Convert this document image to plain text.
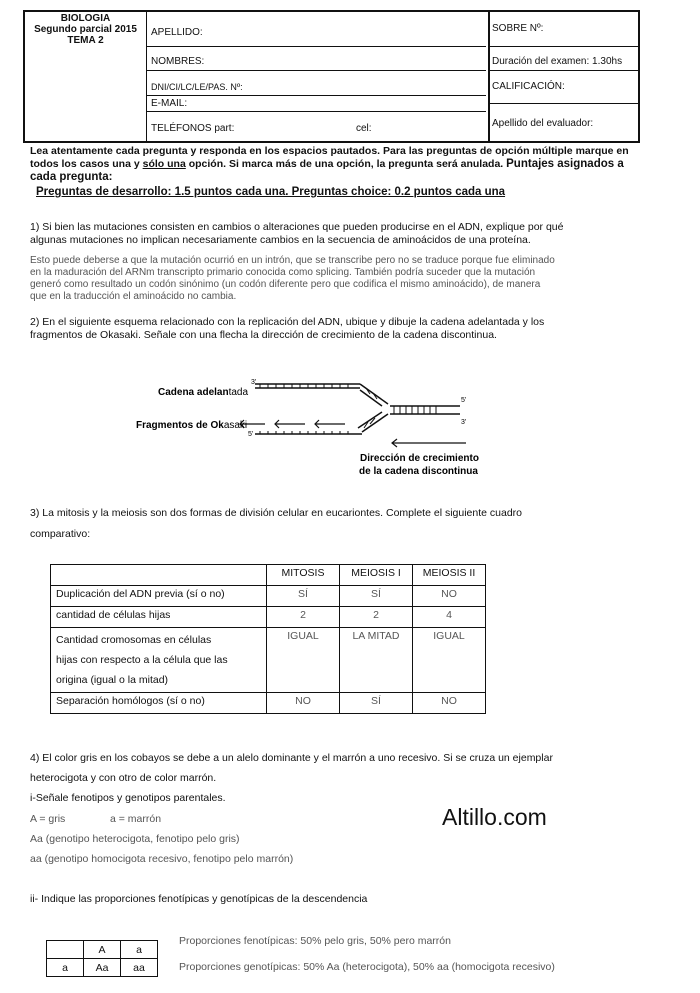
BIOLOGIA
Segundo parcial 2015
TEMA 2
APELLIDO:
NOMBRES:
DNI/CI/LC/LE/PAS. Nº:
E-MAIL:
TELÉFONOS part:	cel:
SOBRE Nº:
Duración del examen: 1.30hs
CALIFICACIÓN:
Apellido del evaluador:
Lea atentamente cada pregunta y responda en los espacios pautados. Para las preguntas de opción múltiple marque en
todos los casos una y sólo una opción. Si marca más de una opción, la pregunta será anulada. Puntajes asignados a
cada pregunta:
Preguntas de desarrollo: 1.5 puntos cada una. Preguntas choice: 0.2 puntos cada una
1) Si bien las mutaciones consisten en cambios o alteraciones que pueden producirse en el ADN, explique por qué
algunas mutaciones no implican necesariamente cambios en la secuencia de aminoácidos de una proteína.
Esto puede deberse a que la mutación ocurrió en un intrón, que se transcribe pero no se traduce porque fue eliminado
en la maduración del ARNm transcripto primario conocida como splicing. También podría suceder que la mutación
generó como resultado un codón sinónimo (un codón diferente pero que codifica el mismo aminoácido), de manera
que en la traducción el aminoácido no cambia.
2) En el siguiente esquema relacionado con la replicación del ADN, ubique y dibuje la cadena adelantada y los
fragmentos de Okasaki. Señale con una flecha la dirección de crecimiento de la cadena discontinua.
Cadena adelantada
Fragmentos de Okasaki
3'
5'
3'
5'
Dirección de crecimiento
de la cadena discontinua
3) La mitosis y la meiosis son dos formas de división celular en eucariontes. Complete el siguiente cuadro
comparativo:
	MITOSIS	MEIOSIS I	MEIOSIS II
Duplicación del ADN previa (sí o no)	SÍ	SÍ	NO
cantidad de células hijas	2	2	4

Cantidad cromosomas en células
hijas con respecto a la célula que las
origina (igual o la mitad)	IGUAL	LA MITAD	IGUAL
Separación homólogos (sí o no)	NO	SÍ	NO
4) El color gris en los cobayos se debe a un alelo dominante y el marrón a uno recesivo. Si se cruza un ejemplar
heterocigota y con otro de color marrón.
i-Señale fenotipos y genotipos parentales.
A = gris	a = marrón
Aa (genotipo heterocigota, fenotipo pelo gris)
aa (genotipo homocigota recesivo, fenotipo pelo marrón)
ii- Indique las proporciones fenotípicas y genotípicas de la descendencia
	A	a
a	Aa	aa
Proporciones fenotípicas: 50% pelo gris, 50% pero marrón
Proporciones genotípicas: 50% Aa (heterocigota), 50% aa (homocigota recesivo)
Altillo.com
